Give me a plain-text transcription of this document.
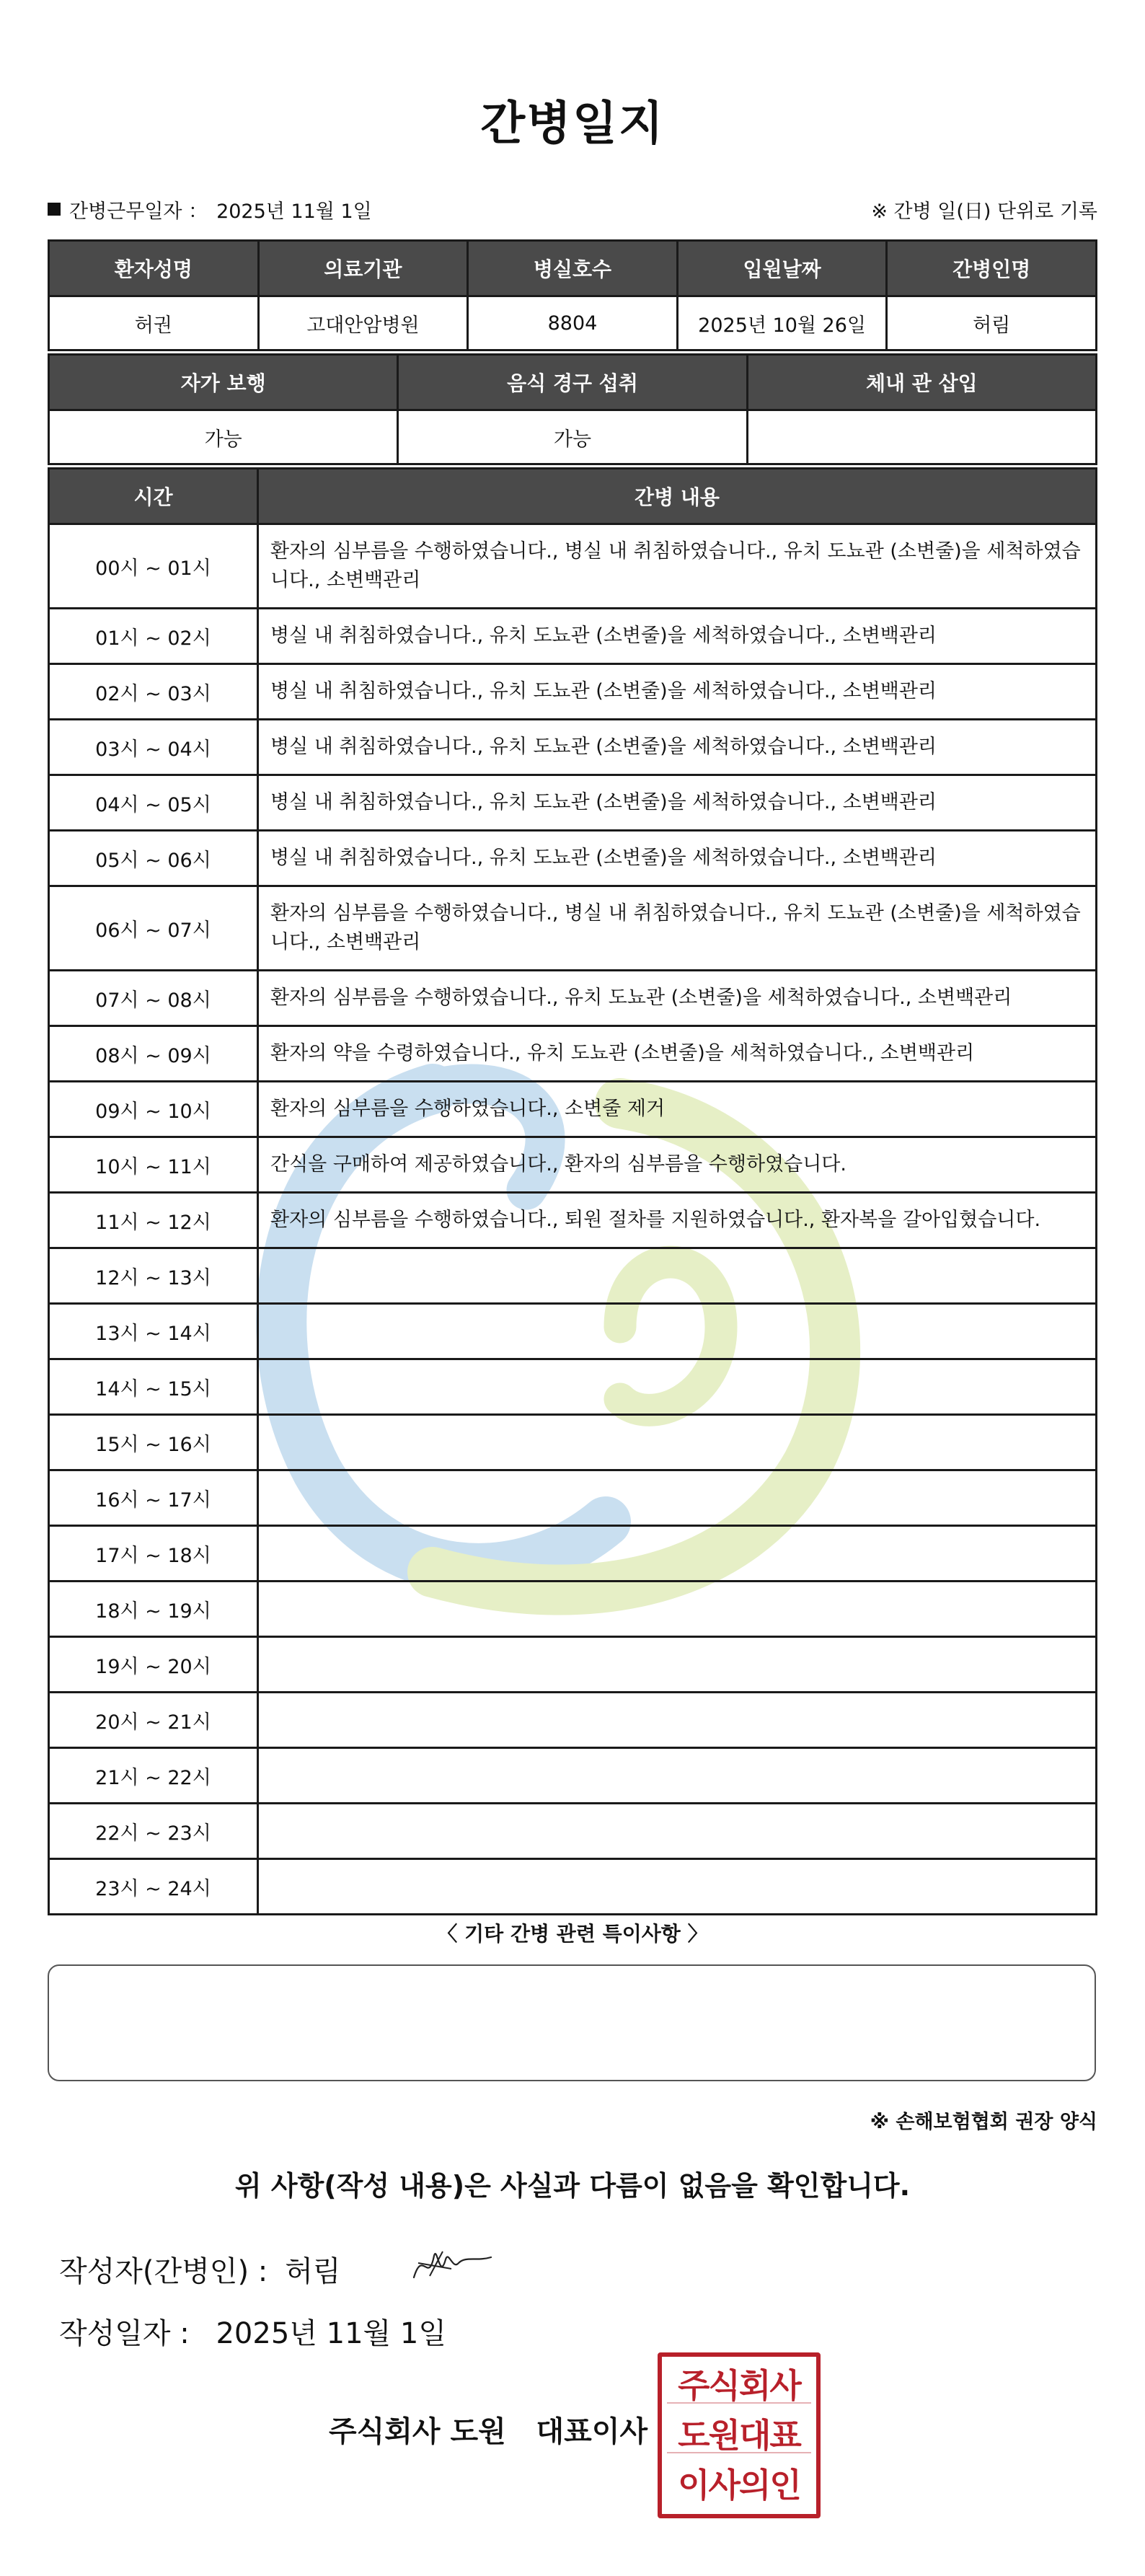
간병일지
간병근무일자 ： 2025년 11월 1일	※ 간병 일(日) 단위로 기록
환자성명	의료기관	병실호수	입원날짜	간병인명
허권	고대안암병원	8804	2025년 10월 26일	허림
자가 보행	음식 경구 섭취	체내 관 삽입
가능	가능	
시간	간병 내용
00시 ~ 01시	환자의 심부름을 수행하였습니다., 병실 내 취침하였습니다., 유치 도뇨관 (소변줄)을 세척하였습니다., 소변백관리
01시 ~ 02시	병실 내 취침하였습니다., 유치 도뇨관 (소변줄)을 세척하였습니다., 소변백관리
02시 ~ 03시	병실 내 취침하였습니다., 유치 도뇨관 (소변줄)을 세척하였습니다., 소변백관리
03시 ~ 04시	병실 내 취침하였습니다., 유치 도뇨관 (소변줄)을 세척하였습니다., 소변백관리
04시 ~ 05시	병실 내 취침하였습니다., 유치 도뇨관 (소변줄)을 세척하였습니다., 소변백관리
05시 ~ 06시	병실 내 취침하였습니다., 유치 도뇨관 (소변줄)을 세척하였습니다., 소변백관리
06시 ~ 07시	환자의 심부름을 수행하였습니다., 병실 내 취침하였습니다., 유치 도뇨관 (소변줄)을 세척하였습니다., 소변백관리
07시 ~ 08시	환자의 심부름을 수행하였습니다., 유치 도뇨관 (소변줄)을 세척하였습니다., 소변백관리
08시 ~ 09시	환자의 약을 수령하였습니다., 유치 도뇨관 (소변줄)을 세척하였습니다., 소변백관리
09시 ~ 10시	환자의 심부름을 수행하였습니다., 소변줄 제거
10시 ~ 11시	간식을 구매하여 제공하였습니다., 환자의 심부름을 수행하였습니다.
11시 ~ 12시	환자의 심부름을 수행하였습니다., 퇴원 절차를 지원하였습니다., 환자복을 갈아입혔습니다.
12시 ~ 13시	
13시 ~ 14시	
14시 ~ 15시	
15시 ~ 16시	
16시 ~ 17시	
17시 ~ 18시	
18시 ~ 19시	
19시 ~ 20시	
20시 ~ 21시	
21시 ~ 22시	
22시 ~ 23시	
23시 ~ 24시	
〈 기타 간병 관련 특이사항 〉
※ 손해보험협회 권장 양식
위 사항(작성 내용)은 사실과 다름이 없음을 확인합니다.
작성자(간병인) : 허림
작성일자 : 2025년 11월 1일
주식회사 도원   대표이사
주식회사
도원대표
이사의인
